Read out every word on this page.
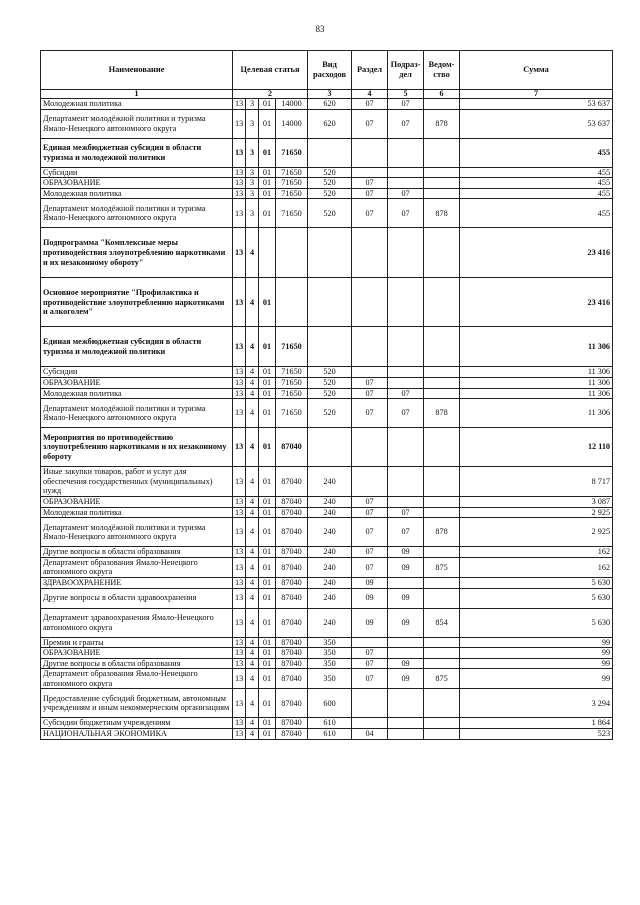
83
Наименование	Целевая статья				Вид расходов	Раздел	Подраз-дел	Ведом-ство	Сумма
1	2				3	4	5	6	7
Молодежная политика	13	3	01	14000	620	07	07		53 637
Департамент молодёжной политики и туризма Ямало-Ненецкого автономного округа	13	3	01	14000	620	07	07	878	53 637
Единая межбюджетная субсидия в области туризма и молодежной политики	13	3	01	71650					455
Субсидии	13	3	01	71650	520				455
ОБРАЗОВАНИЕ	13	3	01	71650	520	07			455
Молодежная политика	13	3	01	71650	520	07	07		455
Департамент молодёжной политики и туризма Ямало-Ненецкого автономного округа	13	3	01	71650	520	07	07	878	455
Подпрограмма "Комплексные меры противодействия злоупотреблению наркотиками и их незаконному обороту"	13	4							23 416
Основное мероприятие "Профилактика и противодействие злоупотреблению наркотиками и алкоголем"	13	4	01						23 416
Единая межбюджетная субсидия в области туризма и молодежной политики	13	4	01	71650					11 306
Субсидии	13	4	01	71650	520				11 306
ОБРАЗОВАНИЕ	13	4	01	71650	520	07			11 306
Молодежная политика	13	4	01	71650	520	07	07		11 306
Департамент молодёжной политики и туризма Ямало-Ненецкого автономного округа	13	4	01	71650	520	07	07	878	11 306
Мероприятия по противодействию злоупотреблению наркотиками и их незаконному обороту	13	4	01	87040					12 110
Иные закупки товаров, работ и услуг для обеспечения государственных (муниципальных) нужд	13	4	01	87040	240				8 717
ОБРАЗОВАНИЕ	13	4	01	87040	240	07			3 087
Молодежная политика	13	4	01	87040	240	07	07		2 925
Департамент молодёжной политики и туризма Ямало-Ненецкого автономного округа	13	4	01	87040	240	07	07	878	2 925
Другие вопросы в области образования	13	4	01	87040	240	07	09		162
Департамент образования Ямало-Ненецкого автономного округа	13	4	01	87040	240	07	09	875	162
ЗДРАВООХРАНЕНИЕ	13	4	01	87040	240	09			5 630
Другие вопросы в области здравоохранения	13	4	01	87040	240	09	09		5 630
Департамент здравоохранения Ямало-Ненецкого автономного округа	13	4	01	87040	240	09	09	854	5 630
Премии и гранты	13	4	01	87040	350				99
ОБРАЗОВАНИЕ	13	4	01	87040	350	07			99
Другие вопросы в области образования	13	4	01	87040	350	07	09		99
Департамент образования Ямало-Ненецкого автономного округа	13	4	01	87040	350	07	09	875	99
Предоставление субсидий бюджетным, автономным учреждениям и иным некоммерческим организациям	13	4	01	87040	600				3 294
Субсидии бюджетным учреждениям	13	4	01	87040	610				1 864
НАЦИОНАЛЬНАЯ ЭКОНОМИКА	13	4	01	87040	610	04			523
